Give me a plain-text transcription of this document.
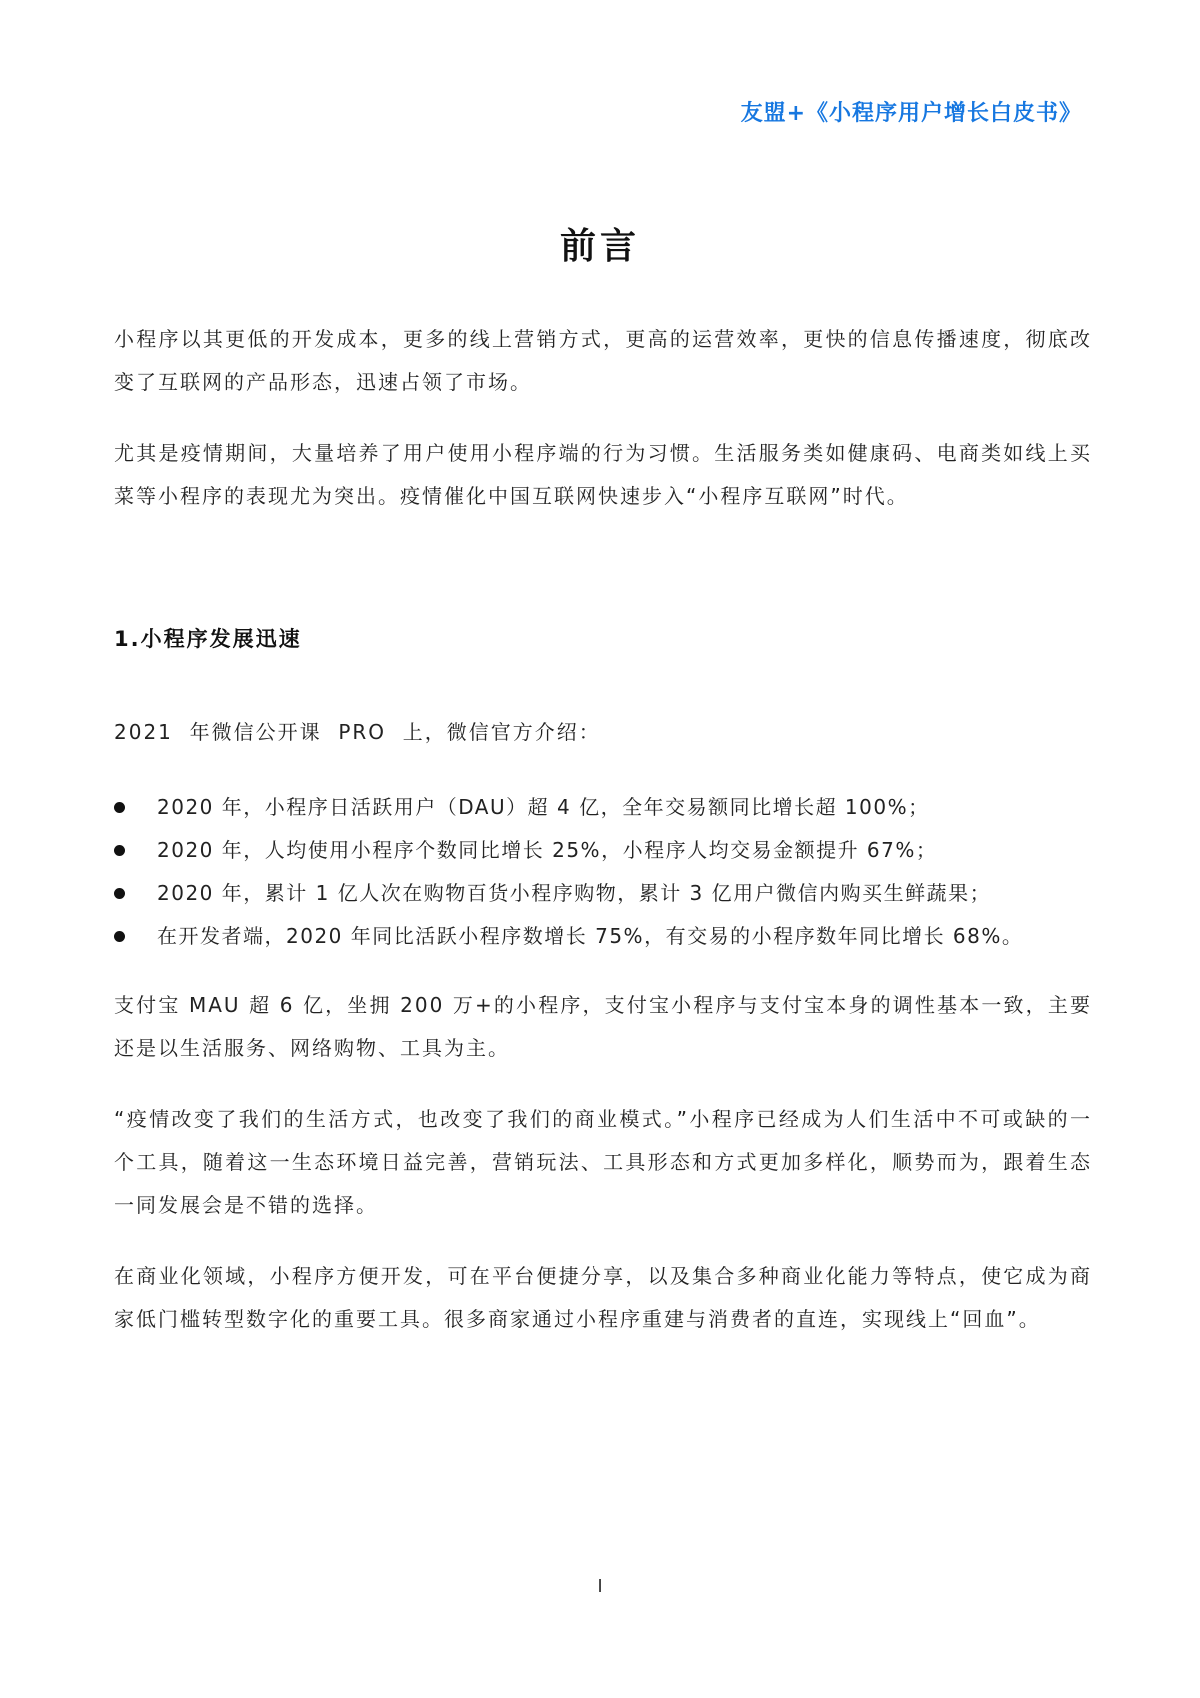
友盟+《小程序用户增长白皮书》
前言

小程序以其更低的开发成本，更多的线上营销方式，更高的运营效率，更快的信息传播速度，彻底改变了互联网的产品形态，迅速占领了市场。

尤其是疫情期间，大量培养了用户使用小程序端的行为习惯。生活服务类如健康码、电商类如线上买菜等小程序的表现尤为突出。疫情催化中国互联网快速步入“小程序互联网”时代。

1.小程序发展迅速

2021  年微信公开课  PRO  上，微信官方介绍：

2020 年，小程序日活跃用户（DAU）超 4 亿，全年交易额同比增长超 100%；
2020 年，人均使用小程序个数同比增长 25%，小程序人均交易金额提升 67%；
2020 年，累计 1 亿人次在购物百货小程序购物，累计 3 亿用户微信内购买生鲜蔬果；
在开发者端，2020 年同比活跃小程序数增长 75%，有交易的小程序数年同比增长 68%。

支付宝 MAU 超 6 亿，坐拥 200 万+的小程序，支付宝小程序与支付宝本身的调性基本一致，主要还是以生活服务、网络购物、工具为主。

“疫情改变了我们的生活方式，也改变了我们的商业模式。”小程序已经成为人们生活中不可或缺的一个工具，随着这一生态环境日益完善，营销玩法、工具形态和方式更加多样化，顺势而为，跟着生态一同发展会是不错的选择。

在商业化领域，小程序方便开发，可在平台便捷分享，以及集合多种商业化能力等特点，使它成为商家低门槛转型数字化的重要工具。很多商家通过小程序重建与消费者的直连，实现线上“回血”。

I
